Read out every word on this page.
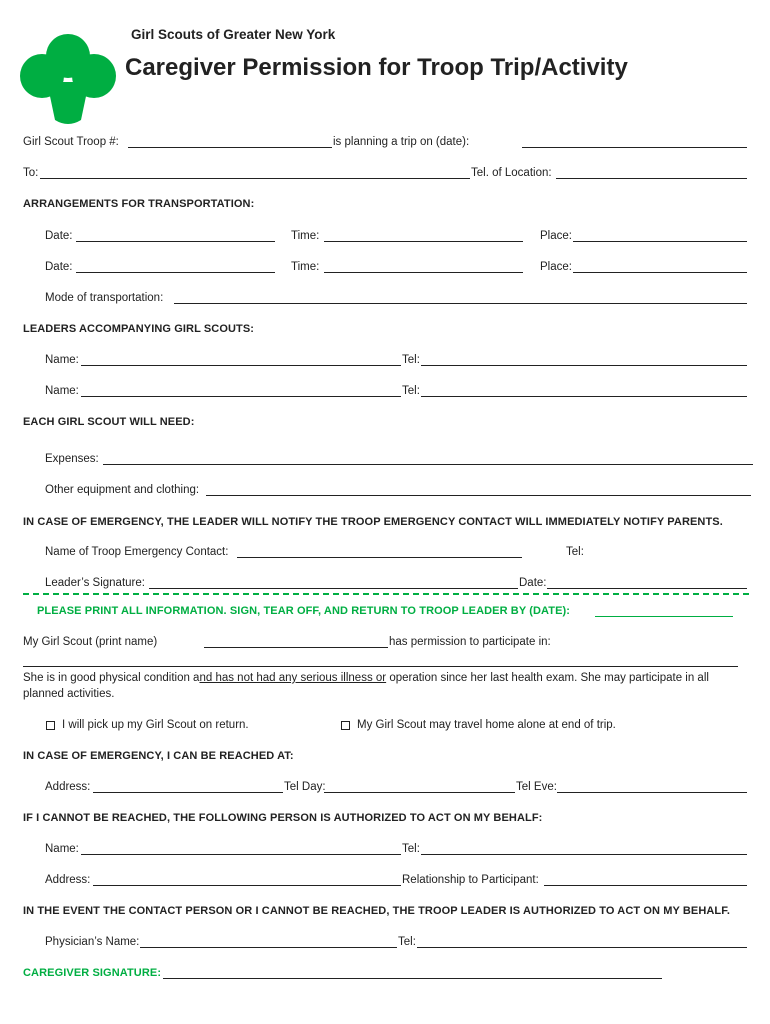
Girl Scouts of Greater New York
Caregiver Permission for Troop Trip/Activity
Girl Scout Troop #:	is planning a trip on (date):
To:	Tel. of Location:
ARRANGEMENTS FOR TRANSPORTATION:
Date:	Time:	Place:
Date:	Time:	Place:
Mode of transportation:
LEADERS ACCOMPANYING GIRL SCOUTS:
Name:	Tel:
Name:	Tel:
EACH GIRL SCOUT WILL NEED:
Expenses:
Other equipment and clothing:
IN CASE OF EMERGENCY, THE LEADER WILL NOTIFY THE TROOP EMERGENCY CONTACT WILL IMMEDIATELY NOTIFY PARENTS.
Name of Troop Emergency Contact:	Tel:
Leader’s Signature:	Date:
PLEASE PRINT ALL INFORMATION. SIGN, TEAR OFF, AND RETURN TO TROOP LEADER BY (DATE):
My Girl Scout (print name)	has permission to participate in:
She is in good physical condition and has not had any serious illness or operation since her last health exam. She may participate in all planned activities.
I will pick up my Girl Scout on return.	My Girl Scout may travel home alone at end of trip.
IN CASE OF EMERGENCY, I CAN BE REACHED AT:
Address:	Tel Day:	Tel Eve:
IF I CANNOT BE REACHED, THE FOLLOWING PERSON IS AUTHORIZED TO ACT ON MY BEHALF:
Name:	Tel:
Address:	Relationship to Participant:
IN THE EVENT THE CONTACT PERSON OR I CANNOT BE REACHED, THE TROOP LEADER IS AUTHORIZED TO ACT ON MY BEHALF.
Physician’s Name:	Tel:
CAREGIVER SIGNATURE:
